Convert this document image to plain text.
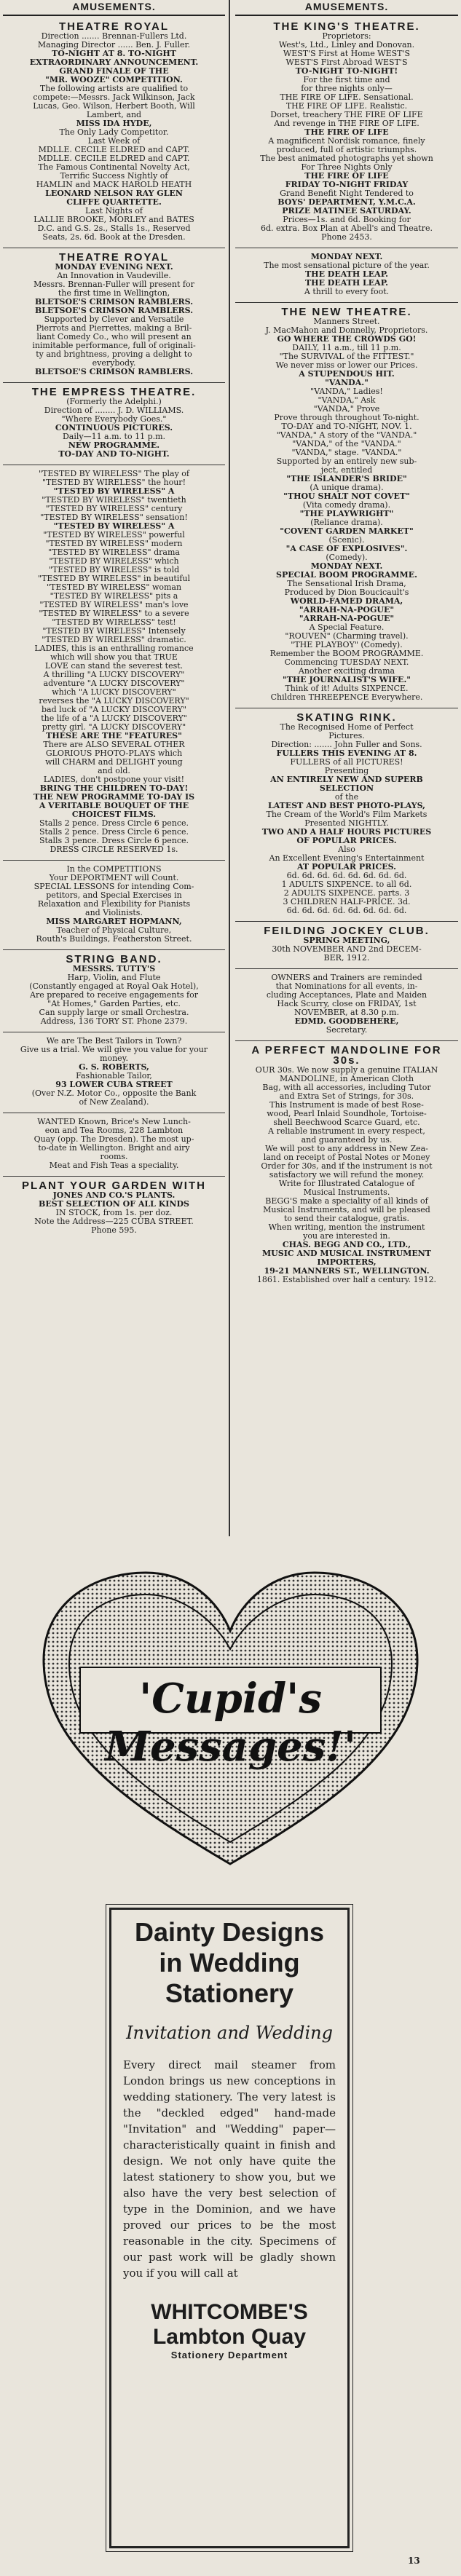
AMUSEMENTS.	AMUSEMENTS.
THEATRE ROYAL
Direction ....... Brennan-Fullers Ltd.
Managing Director ...... Ben. J. Fuller.
TO-NIGHT AT 8. TO-NIGHT
EXTRAORDINARY ANNOUNCEMENT.
GRAND FINALE OF THE
"MR. WOOZE" COMPETITION.
The following artists are qualified to
compete:—Messrs. Jack Wilkinson, Jack
Lucas, Geo. Wilson, Herbert Booth, Will
Lambert, and
MISS IDA HYDE,
The Only Lady Competitor.
Last Week of
MDLLE. CECILE ELDRED and CAPT.
MDLLE. CECILE ELDRED and CAPT.
The Famous Continental Novelty Act,
Terrific Success Nightly of
HAMLIN and MACK HAROLD HEATH
LEONARD NELSON RAY GLEN
CLIFFE QUARTETTE.
Last Nights of
LALLIE BROOKE, MORLEY and BATES
D.C. and G.S. 2s., Stalls 1s., Reserved
Seats, 2s. 6d. Book at the Dresden.
THEATRE ROYAL
MONDAY EVENING NEXT.
An Innovation in Vaudeville.
Messrs. Brennan-Fuller will present for
the first time in Wellington,
BLETSOE'S CRIMSON RAMBLERS.
BLETSOE'S CRIMSON RAMBLERS.
Supported by Clever and Versatile
Pierrots and Pierrettes, making a Bril-
liant Comedy Co., who will present an
inimitable performance, full of originali-
ty and brightness, proving a delight to
everybody.
BLETSOE'S CRIMSON RAMBLERS.
THE EMPRESS THEATRE.
(Formerly the Adelphi.)
Direction of ........ J. D. WILLIAMS.
"Where Everybody Goes."
CONTINUOUS PICTURES.
Daily—11 a.m. to 11 p.m.
NEW PROGRAMME.
TO-DAY AND TO-NIGHT.
"TESTED BY WIRELESS" The play of
"TESTED BY WIRELESS" the hour!
"TESTED BY WIRELESS" A
"TESTED BY WIRELESS" twentieth
"TESTED BY WIRELESS" century
"TESTED BY WIRELESS" sensation!
"TESTED BY WIRELESS" A
"TESTED BY WIRELESS" powerful
"TESTED BY WIRELESS" modern
"TESTED BY WIRELESS" drama
"TESTED BY WIRELESS" which
"TESTED BY WIRELESS" is told
"TESTED BY WIRELESS" in beautiful
"TESTED BY WIRELESS" woman
"TESTED BY WIRELESS" pits a
"TESTED BY WIRELESS" man's love
"TESTED BY WIRELESS" to a severe
"TESTED BY WIRELESS" test!
"TESTED BY WIRELESS" Intensely
"TESTED BY WIRELESS" dramatic.
LADIES, this is an enthralling romance
which will show you that TRUE
LOVE can stand the severest test.
A thrilling "A LUCKY DISCOVERY"
adventure "A LUCKY DISCOVERY"
which "A LUCKY DISCOVERY"
reverses the "A LUCKY DISCOVERY"
bad luck of "A LUCKY DISCOVERY"
the life of a "A LUCKY DISCOVERY"
pretty girl. "A LUCKY DISCOVERY"
THESE ARE THE "FEATURES"
There are ALSO SEVERAL OTHER
GLORIOUS PHOTO-PLAYS which
will CHARM and DELIGHT young
and old.
LADIES, don't postpone your visit!
BRING THE CHILDREN TO-DAY!
THE NEW PROGRAMME TO-DAY IS
A VERITABLE BOUQUET OF THE
CHOICEST FILMS.
Stalls 2 pence. Dress Circle 6 pence.
Stalls 2 pence. Dress Circle 6 pence.
Stalls 3 pence. Dress Circle 6 pence.
DRESS CIRCLE RESERVED 1s.
In the COMPETITIONS
Your DEPORTMENT will Count.
SPECIAL LESSONS for intending Com-
petitors, and Special Exercises in
Relaxation and Flexibility for Pianists
and Violinists.
MISS MARGARET HOPMANN,
Teacher of Physical Culture,
Routh's Buildings, Featherston Street.
STRING BAND.
MESSRS. TUTTY'S
Harp, Violin, and Flute
(Constantly engaged at Royal Oak Hotel),
Are prepared to receive engagements for
"At Homes," Garden Parties, etc.
Can supply large or small Orchestra.
Address, 136 TORY ST. Phone 2379.
We are The Best Tailors in Town?
Give us a trial. We will give you value for your
money.
G. S. ROBERTS,
Fashionable Tailor,
93 LOWER CUBA STREET
(Over N.Z. Motor Co., opposite the Bank
of New Zealand).
WANTED Known, Brice's New Lunch-
eon and Tea Rooms, 228 Lambton
Quay (opp. The Dresden). The most up-
to-date in Wellington. Bright and airy
rooms.
Meat and Fish Teas a speciality.
PLANT YOUR GARDEN WITH
JONES AND CO.'S PLANTS.
BEST SELECTION OF ALL KINDS
IN STOCK, from 1s. per doz.
Note the Address—225 CUBA STREET.
Phone 595.
THE KING'S THEATRE.
Proprietors:
West's, Ltd., Linley and Donovan.
WEST'S First at Home WEST'S
WEST'S First Abroad WEST'S
TO-NIGHT TO-NIGHT!
For the first time and
for three nights only—
THE FIRE OF LIFE. Sensational.
THE FIRE OF LIFE. Realistic.
Dorset, treachery THE FIRE OF LIFE
And revenge in THE FIRE OF LIFE.
THE FIRE OF LIFE
A magnificent Nordisk romance, finely
produced, full of artistic triumphs.
The best animated photographs yet shown
For Three Nights Only
THE FIRE OF LIFE
FRIDAY TO-NIGHT FRIDAY
Grand Benefit Night Tendered to
BOYS' DEPARTMENT, Y.M.C.A.
PRIZE MATINEE SATURDAY.
Prices—1s. and 6d. Booking for
6d. extra. Box Plan at Abell's and Theatre.
Phone 2453.
MONDAY NEXT.
The most sensational picture of the year.
THE DEATH LEAP.
THE DEATH LEAP.
A thrill to every foot.
THE NEW THEATRE.
Manners Street.
J. MacMahon and Donnelly, Proprietors.
GO WHERE THE CROWDS GO!
DAILY, 11 a.m., till 11 p.m.
"The SURVIVAL of the FITTEST."
We never miss or lower our Prices.
A STUPENDOUS HIT.
"VANDA."
"VANDA," Ladies!
"VANDA," Ask
"VANDA," Prove
Prove through throughout To-night.
TO-DAY and TO-NIGHT, NOV. 1.
"VANDA," A story of the "VANDA."
"VANDA," of the "VANDA."
"VANDA," stage. "VANDA."
Supported by an entirely new sub-
ject, entitled
"THE ISLANDER'S BRIDE"
(A unique drama).
"THOU SHALT NOT COVET"
(Vita comedy drama).
"THE PLAYWRIGHT"
(Reliance drama).
"COVENT GARDEN MARKET"
(Scenic).
"A CASE OF EXPLOSIVES".
(Comedy).
MONDAY NEXT.
SPECIAL BOOM PROGRAMME.
The Sensational Irish Drama,
Produced by Dion Boucicault's
WORLD-FAMED DRAMA,
"ARRAH-NA-POGUE"
"ARRAH-NA-POGUE"
A Special Feature.
"ROUVEN" (Charming travel).
"THE PLAYBOY" (Comedy).
Remember the BOOM PROGRAMME.
Commencing TUESDAY NEXT.
Another exciting drama
"THE JOURNALIST'S WIFE."
Think of it! Adults SIXPENCE.
Children THREEPENCE Everywhere.
SKATING RINK.
The Recognised Home of Perfect
Pictures.
Direction: ....... John Fuller and Sons.
FULLERS THIS EVENING AT 8.
FULLERS of all PICTURES!
Presenting
AN ENTIRELY NEW AND SUPERB
SELECTION
of the
LATEST AND BEST PHOTO-PLAYS,
The Cream of the World's Film Markets
Presented NIGHTLY.
TWO AND A HALF HOURS PICTURES
OF POPULAR PRICES.
Also
An Excellent Evening's Entertainment
AT POPULAR PRICES.
6d. 6d. 6d. 6d. 6d. 6d. 6d. 6d.
1 ADULTS SIXPENCE. to all 6d.
2 ADULTS SIXPENCE. parts. 3
3 CHILDREN HALF-PRICE. 3d.
6d. 6d. 6d. 6d. 6d. 6d. 6d. 6d.
FEILDING JOCKEY CLUB.
SPRING MEETING,
30th NOVEMBER AND 2nd DECEM-
BER, 1912.
OWNERS and Trainers are reminded
that Nominations for all events, in-
cluding Acceptances, Plate and Maiden
Hack Scurry, close on FRIDAY, 1st
NOVEMBER, at 8.30 p.m.
EDMD. GOODBEHERE,
Secretary.
A PERFECT MANDOLINE FOR 30s.
OUR 30s. We now supply a genuine ITALIAN
MANDOLINE, in American Cloth
Bag, with all accessories, including Tutor
and Extra Set of Strings, for 30s.
This Instrument is made of best Rose-
wood, Pearl Inlaid Soundhole, Tortoise-
shell Beechwood Scarce Guard, etc.
A reliable instrument in every respect,
and guaranteed by us.
We will post to any address in New Zea-
land on receipt of Postal Notes or Money
Order for 30s, and if the instrument is not
satisfactory we will refund the money.
Write for Illustrated Catalogue of
Musical Instruments.
BEGG'S make a speciality of all kinds of
Musical Instruments, and will be pleased
to send their catalogue, gratis.
When writing, mention the instrument
you are interested in.
CHAS. BEGG AND CO., LTD.,
MUSIC AND MUSICAL INSTRUMENT
IMPORTERS,
19-21 MANNERS ST., WELLINGTON.
1861. Established over half a century. 1912.
'Cupid's Messages!'
Dainty Designs in Wedding Stationery
Invitation and Wedding
Every direct mail steamer from London brings us new conceptions in wedding stationery. The very latest is the "deckled edged" hand-made "Invitation" and "Wedding" paper—characteristically quaint in finish and design. We not only have quite the latest stationery to show you, but we also have the very best selection of type in the Dominion, and we have proved our prices to be the most reasonable in the city. Specimens of our past work will be gladly shown you if you will call at
WHITCOMBE'S
Lambton Quay
Stationery Department
13
